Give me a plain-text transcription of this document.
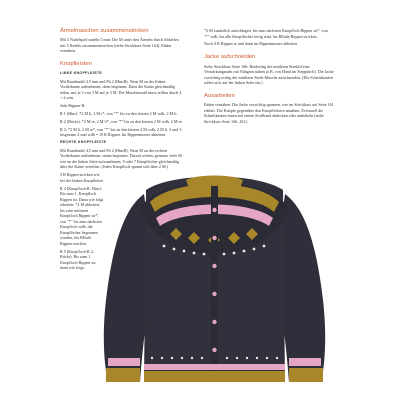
Ärmelmaschen zusammenstricken

Mit 3 Nadelspiel nadeln 5 mm: Die M unter den Ärmeln durch Abketten mit 3 Nadeln zusammenstricken (siehe Strickkurs Seite 164). Fäden vernähen.

Knopfleisten

LINKE KNOPFLEISTE

Mit Rundnadel 4,5 mm und Fb 2 (HimR): Neue M an der linken Vorderkante auffnehmen, oben beginnen. Dazu die Kante gleichmäßig teilen, mit je 2 von 3 M auf je 3 M. Die Maschenzahl muss teilbar durch 4 + 2 sein.

Jede Rippen-R:

R 1 (Hinr): *2 M li, 2 M r*, von "*" bis zu den letzten 2 M wdh, 2 M li.

R 2 (Rückr): *2 M re, 2 M li*, von "*" bis zu den letzten 2 M wdh, 2 M re.

R 3: *2 M li, 2 M re*, von "*" bis zu den letzten 2 M wdh, 2 M li. 2 und 3 insgesamt 4 mal wdh = 10 R Rippen. Im Rippenmuster abketten.

RECHTE KNOPFLEISTE

Mit Rundnadel 4,5 mm und Fb 2 (HimR): Neue M an der rechten Vorderkante auffnehmen, unten beginnen. Darauf achten, genauso viele M wie an der linken Seite aufzunehmen. 9 oder 7 Knopflöcher gleichmäßig über die Kante verteilen. (Jedes Knopfloch spannt sich über 2 M.)

3 R Rippen stricken wie bei der linken Knopfleiste.

R 4 (Knopfloch-R, Hinr): Bis zum 1. Knopfloch Rippen str. Dann wie folgt arbeiten: *2 M abketten, bis zum nächsten Knopfloch Rippen str*, von "*" bis zum nächsten Knopfloch wdh, die Knopflöcher begonnen wurden, bis REnde Rippen stricken.

R 5 (Knopfloch-R 2, Rückr): Bis zum 1. Knopfloch Rippen str, dann wie folgt:

*2 M zusätzlich aufschlagen, bis zum nächsten Knopfloch Rippen str*, von "*" wdh, bis alle Knopflöcher fertig sind, bis REnde Rippen stricken.

Noch 4 R Rippen re und dann im Rippenmuster abketten.

Jacke aufschneiden

Siehe Strickkurs Seite 166: Beidseitig der mittleren Steekfd eine Verstärkungsnaht mit Nähgarn nähen (z.B. von Hand im Steppstich). Die Jacke vorsichtig mittig der mittleren Steek-Masche aufschneiden. (Die Schnittkanten rollen sich auf der linken Seite ein.)

Ausarbeiten

Fäden vernähen. Die Jacke vorsichtig spannen, wie im Strickkurs auf Seite 161 erklärt. Die Knöpfe gegenüber den Knopflöchern annähen. Eventuell die Schnittkanten innen mit einem Stoffband abdecken oder umhäkeln (siehe Strickkurs Seite 166–161).
